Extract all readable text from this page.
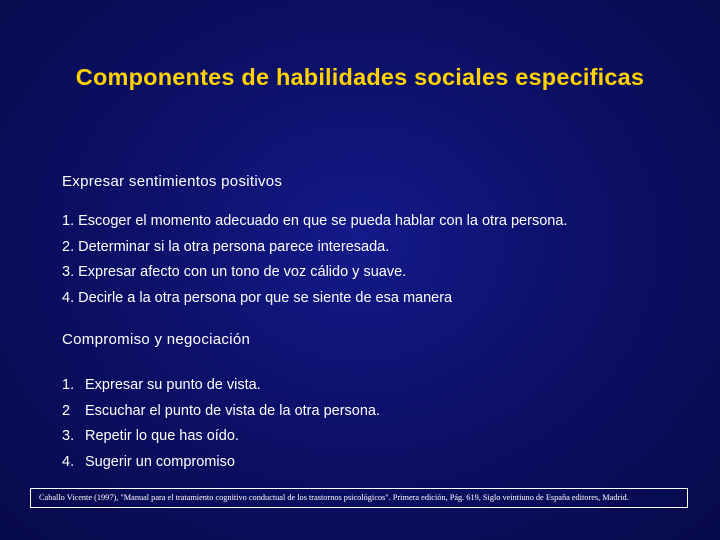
Componentes de habilidades sociales especificas
Expresar sentimientos positivos
1. Escoger el momento adecuado en que se pueda hablar con la otra persona.
2. Determinar si la otra persona parece interesada.
3. Expresar afecto con un tono de voz cálido y suave.
4. Decirle a la otra persona por que se siente de esa manera
Compromiso y negociación
1. Expresar su punto de vista.
2 Escuchar el punto de vista de la otra persona.
3. Repetir lo que has oído.
4. Sugerir un compromiso
Caballo Vicente (1997), "Manual para el tratamiento cognitivo conductual de los trastornos psicológicos". Primera edición, Pág. 619, Siglo veintiuno de España editores, Madrid.
